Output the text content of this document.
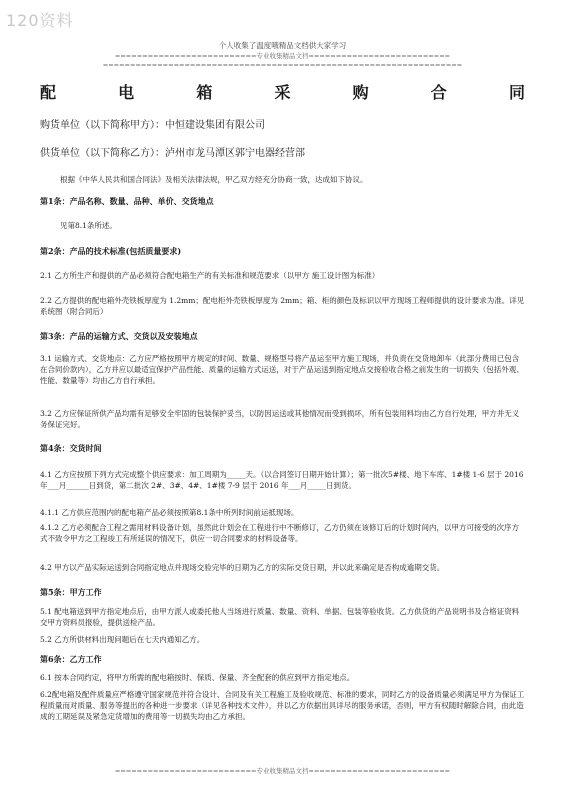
120资料
个人收集了温度哦精品文档供大家学习
==========================专业收集精品文档==========================
==================================================================
配	电	箱	采	购	合	同
购货单位（以下简称甲方）：中恒建设集团有限公司
供货单位（以下简称乙方）：泸州市龙马潭区郭宁电器经营部
根据《中华人民共和国合同法》及相关法律法规，甲乙双方经充分协商一致，达成如下协议。
第1条：产品名称、数量、品种、单价、交货地点
见第8.1条所述。
第2条：产品的技术标准(包括质量要求)
2.1 乙方所生产和提供的产品必须符合配电箱生产的有关标准和规范要求（以甲方 施工设计图为标准）
2.2 乙方提供的配电箱外壳铁板厚度为 1.2mm；配电柜外壳铁板厚度为 2mm；箱、柜的颜色及标识以甲方现场工程师提供的设计要求为准。详见系统图（附合同后）
第3条：产品的运输方式、交货以及安装地点
3.1 运输方式、交货地点：乙方应严格按照甲方规定的时间、数量、规格型号将产品运至甲方施工现场，并负责在交货地卸车（此部分费用已包含在合同价款内），乙方并应以最适宜保护产品性能、质量的运输方式运送，对于产品运送到指定地点交接验收合格之前发生的一切损失（包括外观、性能、数量等）均由乙方自行承担。
3.2 乙方应保证所供产品均需有足够安全牢固的包装保护妥当，以防因运送或其他情况而受到损坏，所有包装用料均由乙方自行处理，甲方并无义务保证完好。
第4条：交货时间
4.1 乙方应按照下列方式完成整个供应要求：加工周期为_____天。（以合同签订日期开始计算）；第一批次5#楼、地下车库、1#楼 1-6 层于 2016 年___月______日到货，第二批次 2#、3#、4#、1#楼 7-9 层于 2016 年___月_____日到货。
4.1.1 乙方供应范围内的配电箱产品必须按照第8.1条中所列时间前运抵现场。
4.1.2 乙方必须配合工程之需用材料设备计划，虽然此计划会在工程进行中不断修订，乙方仍须在该修订后的计划时间内，以甲方可接受的次序方式不致令甲方之工程竣工有所延误的情况下，供应一切合同要求的材料设备等。
4.2 甲方以产品实际运送到合同指定地点并现场交验完毕的日期为乙方的实际交货日期，并以此来确定是否构成逾期交货。
第5条：甲方工作
5.1 配电箱送到甲方指定地点后，由甲方派人或委托他人当场进行质量、数量、资料、单据、包装等验收货。乙方供货的产品说明书及合格证资料交甲方资料员报验，提供送检产品。
5.2 乙方所供材料出现问题后在七天内通知乙方。
第6条：乙方工作
6.1 按本合同约定，将甲方所需的配电箱按时、保质、保量、齐全配套的供应到甲方指定地点。
6.2配电箱及配件质量应严格遵守国家规范并符合设计、合同及有关工程施工及验收规范、标准的要求，同时乙方的设备质量必须满足甲方为保证工程质量而对质量、服务等提出的各种进一步要求（详见各种技术文件），并以乙方依据出具详尽的服务承诺，否则，甲方有权随时解除合同，由此造成的工期延误及紧急定货增加的费用等一切损失均由乙方承担。
==========================专业收集精品文档==========================
